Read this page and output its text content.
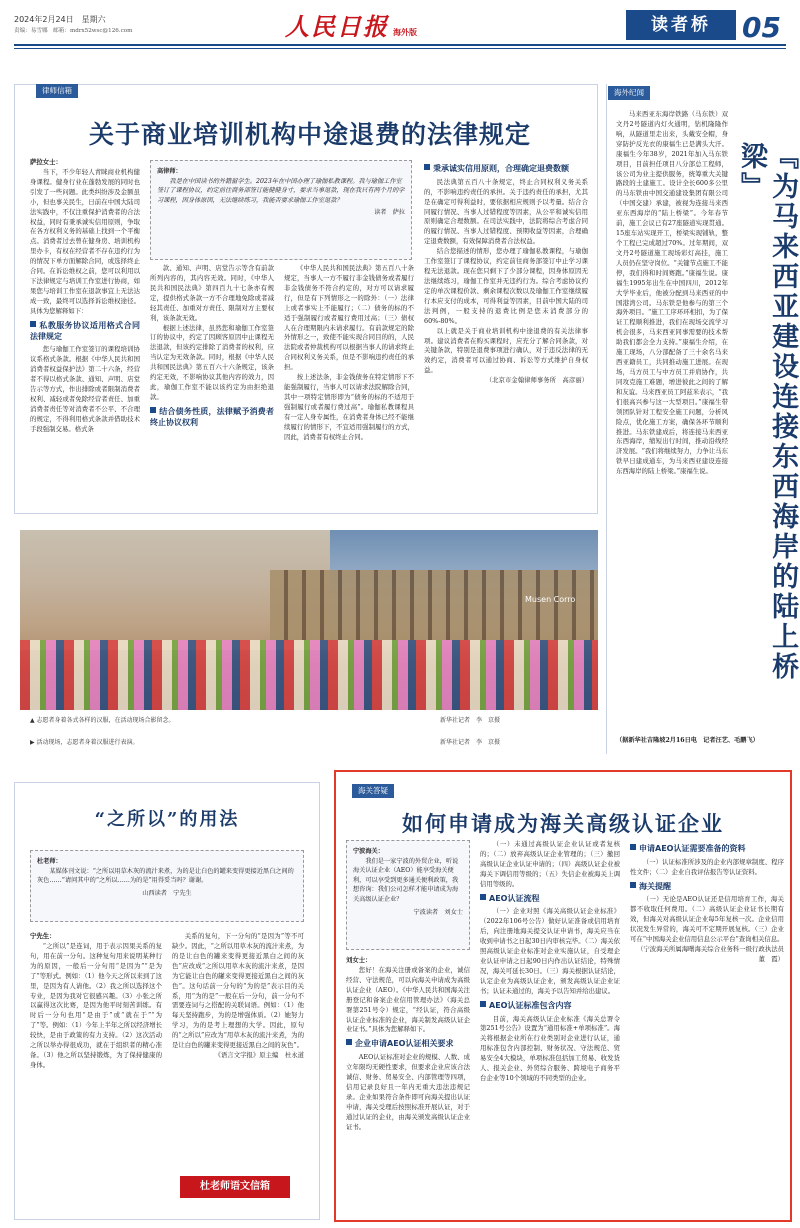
2024年2月24日　星期六
责编：易雪娜　邮箱：mdrx52wsc@126.com	人民日报 海外版	读者桥	05
律师信箱
关于商业培训机构中途退费的法律规定
萨拉女士：

当下，不少年轻人青睐商业机构健身课程。健身行业在蓬勃发展的同时也引发了一些问题。此类纠纷涉及金额虽小，但也事关民生，日前在中国大陆司法实践中，不仅注重保护消费者的合法权益，同时有秉承诚实信用原则，争取在各方权利义务的基础上找到一个平衡点。消费者过去曾在健身房、培训机构里办卡，有权在经营者不存在违约行为的情况下单方面解除合同，或选择终止合同。在诉讼维权之前，您可以利用以下法律规定与培训工作室进行协商，如果您与培训工作室在退款事宜上无法达成一致，最终可以选择诉讼维权途径。具体为您解释如下：

私教服务协议适用格式合同法律规定

您与瑜伽工作室签订的课程培训协议系格式条款。根据《中华人民共和国消费者权益保护法》第二十六条，经营者不得以格式条款、通知、声明、店堂告示等方式，作出排除或者限制消费者权利、减轻或者免除经营者责任、加重消费者责任等对消费者不公平、不合理的规定，不得利用格式条款并借助技术手段强制交易。格式条

高律师：

我是在中国读书的外籍留学生。2023年在中国办理了瑜伽私教课程。我与瑜伽工作室签订了课程协议，约定前往商务部签订能健健身寸，要求当事退款，现在我只有两个月的学习课程，因身体原因，无法继续练习，我能否要求瑜伽工作室退款？

读者　萨拉

款、通知、声明、店堂告示等含有前款所列内容的，其内容无效。同时，《中华人民共和国民法典》第四百九十七条亦有规定，提供格式条款一方不合理地免除或者减轻其责任、加重对方责任、限制对方主要权利，该条款无效。

根据上述法律，虽然您和瑜伽工作室签订的协议中，约定了因顾客原因中止课程无法退款，但该约定排除了消费者的权利，应当认定为无效条款。同时，根据《中华人民共和国民法典》第五百六十六条规定，该条约定无效，不影响协议其他内容的效力，因此，瑜伽工作室不能以该约定为由拒绝退款。

结合债务性质，法律赋予消费者终止协议权利

《中华人民共和国民法典》第五百八十条规定，当事人一方不履行非金钱债务或者履行非金钱债务不符合约定的，对方可以请求履行，但是有下列情形之一的除外：（一）法律上或者事实上不能履行；（二）债务的标的不适于强制履行或者履行费用过高；（三）债权人在合理期限内未请求履行。有前款规定的除外情形之一，致使不能实现合同目的的，人民法院或者仲裁机构可以根据当事人的请求终止合同权利义务关系，但是不影响违约责任的承担。

按上述法条，非金钱债务在特定情形下不能强制履行，当事人可以请求法院解除合同，其中一项特定情形即为“债务的标的不适用于强制履行或者履行费过高”。瑜伽私教课程具有一定人身专属性，在消费者身体已经不能继续履行的情形下，不宜适用强制履行的方式，因此，消费者有权终止合同。

秉承诚实信用原则，合理确定退费数额

民法典第五百八十条规定，终止合同权利义务关系的，不影响违约责任的承担。关于违约责任的承担，尤其是在确定可得利益时，要依据相应规则予以考量。结合合同履行情况、当事人过错程度等因素，从公平和诚实信用原则确定合理数额。在司法实践中，法院将综合考虑合同的履行情况、当事人过错程度、预期收益等因素，合理确定退费数额，有效保障消费者合法权益。

结合您描述的情形，您办理了瑜伽私教课程，与瑜伽工作室签订了课程协议，约定前往商务部签订中止学习课程无法退款。现在您只剩下了少部分课程，因身体原因无法继续练习，瑜伽工作室并无违约行为。综合考虑协议约定的单次课程价款、剩余课程次数以及瑜伽工作室继续履行本应支付的成本，可得利益等因素，目前中国大陆的司法判例，一般支持的退费比例是您未消费部分的60%-80%。

以上就是关于商业培训机构中途退费的有关法律事项。建议消费者在购买课程时，应充分了解合同条款，对关键条款，特别是退费事项进行确认，对于违反法律的无效约定，消费者可以通过协商、诉讼等方式维护自身权益。

（北京市金翰律师事务所　高彦丽）
Musen Corro
▲ 志愿者身着各式各样的汉服，在活动现场合影留念。	新华社记者　李　京摄
▶ 活动现场，志愿者身着汉服进行表演。	新华社记者　李　京摄
海外纪闻
『为马来西亚建设连接东西海岸的陆上桥梁』

马来西亚东海岸铁路（马东铁）双文丹2号隧道内灯火通明，钻机隆隆作响，从隧道里走出来，头戴安全帽，身穿防护反光衣的康福生已是满头大汗。康福生今年38岁，2021年加入马东铁项目，目前担任项目八分部总工程师，该公司为业主提供服务，统筹重大关键路段的土建施工。设计全长600多公里的马东铁由中国交通建设集团有限公司（中国交建）承建，被视为连接马来西亚东西海岸的“陆上桥梁”。今年春节前，施工会议已有27座隧道实现贯通。15座车站实现开工，桥梁实现铺轨，整个工程已完成超过70%。过年期间，双文丹2号隧道施工现场彩灯高挂，施工人员仍在坚守岗位。“关键节点施工不能停，我们得和时间赛跑。”康福生说。康福生1995年出生在中国四川，2012年大学毕业后，他被分配到马来西亚的中国港湾公司。马东铁是他参与的第三个海外项目。“施工工序环环相扣，为了保证工程顺利推进，我们在现场交流学习机会很多，马来西亚同事需要的技术帮助我们都会全力支持。”康福生介绍，在施工现场，八分部配备了三十余名马来西亚籍员工，共同推动施工进展。在现场，马方员工与中方员工并肩协作，共同攻克施工难题，增进彼此之间的了解和友谊。马来西亚员工阿兹米表示，“我们很高兴参与这一大型项目。”康福生带领团队针对工程安全施工问题，分析风险点，优化施工方案，确保各环节顺利推进。马东铁建成后，将连接马来西亚东西海岸，缩短出行时间，推动沿线经济发展。“我们将继续努力，力争让马东铁早日建成通车，为马来西亚建设连接东西海岸的陆上桥梁。”康福生说。

（据新华社吉隆坡2月16日电　记者汪艺、毛鹏飞）
“之所以”的用法
杜老师：

某媒体刊文说：“之所以用草木灰的流汁来煮，为的是让白色的罐来变得更接近黑白之间的灰色……”请问其中的“之所以……为的是”用得妥当吗？谢谢。

山西读者　宁先生
宁先生：

“之所以”是连词，用于表示因果关系的复句，用在前一分句。这种复句用来说明某种行为的原因，一般后一分句用“是因为”“是为了”等形式。例如：（1）他今天之所以来到了这里，是因为有人请他。（2）我之所以选择这个专业，是因为我对它很感兴趣。（3）小张之所以赢得这次比赛，是因为他平时刻苦训练。有时后一分句也用“是由于”或“就在于”“为了”等。例如：（1）今年上半年之所以经济增长较快，是由于政策的有力支持。（2）这次活动之所以举办得很成功，就在于组织者的精心准备。（3）他之所以坚持锻炼，为了保持健康的身体。

关系的复句，下一分句的“是因为”等不可缺少。因此，“之所以用草木灰的流汁来煮，为的是让白色的罐来变得更接近黑白之间的灰色”应改成“之所以用草木灰的流汁来煮，是因为它能让白色的罐来变得更接近黑白之间的灰色”。这句话前一分句的“为的是”表示目的关系，用“为的是”一般在后一分句，前一分句不需要连词与之搭配的关联词语。例如：（1）他每天坚持跑步，为的是增强体质。（2）她努力学习，为的是考上理想的大学。因此，原句的“之所以”应改为“用草木灰的流汁来煮，为的是让白色的罐来变得更接近黑白之间的灰色”。

《语言文字报》原主编　杜永道
杜老师语文信箱
海关答疑
如何申请成为海关高级认证企业
宁波海关：

我们是一家宁波的外贸企业，听说海关认证企业（AEO）能享受海关便利，可以享受到更多通关便利政策，我想咨询：我们公司怎样才能申请成为海关高级认证企业？

宁波读者　刘女士
刘女士：

您好！在海关注册或备案的企业，诚信经营、守法规范，可以向海关申请成为高级认证企业（AEO）。《中华人民共和国海关注册登记和备案企业信用管理办法》（海关总署第251号令）规定，“经认证，符合高级认证企业标准的企业，海关制发高级认证企业证书。”具体为您解释如下。

企业申请AEO认证相关要求

AEO认证标准对企业的规模、人数、成立年限均无硬性要求，但要求企业应该合法诚信、财务、贸易安全、内部管理等四项，信用记录良好且一年内无重大违法违规记录。企业如果符合条件即可向海关提出认证申请，海关受理后按照标准开展认证，对于通过认证的企业，由海关颁发高级认证企业证书。

（一）未通过高级认证企业认证或者复核的；（二）放弃高级认证企业管理的；（三）撤回高级认证企业认证申请的；（四）高级认证企业被海关下调信用等级的；（五）失信企业被海关上调信用等级的。

AEO认证流程

（一）企业对照《海关高级认证企业标准》（2022年106号公告）做好认证准备或信用培育后，向注册地海关提交认证申请书，海关应当在收到申请书之日起30日内审核完毕。（二）海关依照高级认证企业标准对企业实施认证，自受理企业认证申请之日起90日内作出认证结论，特殊情况，海关可延长30日。（三）海关根据认证结论，认定企业为高级认证企业，颁发高级认证企业证书；认证未通过的，海关予以告知并给出建议。

AEO认证标准包含内容

目前，海关高级认证企业标准《海关总署令第251号公告》设置为“通用标准+单项标准”。海关将根据企业所在行业类别对企业进行认证，通用标准包含内部控制、财务状况、守法规范、贸易安全4大模块，单项标准包括加工贸易、收发货人、报关企业、外贸综合服务、跨境电子商务平台企业等10个领域的不同类型的企业。

申请AEO认证需要准备的资料

（一）认证标准所涉及的企业内部规章制度、程序性文件；（二）企业自我评估报告等认证资料。

海关提醒

（一）无论是AEO认证还是信用培育工作，海关都不收取任何费用。（二）高级认证企业证书长期有效，但海关对高级认证企业每5年复核一次。企业信用状况发生异常的，海关可不定期开展复核。（三）企业可在“中国海关企业信用信息公示平台”查询相关信息。

（宁波海关所属海曙海关综合业务科一级行政执法员　董　霞）
